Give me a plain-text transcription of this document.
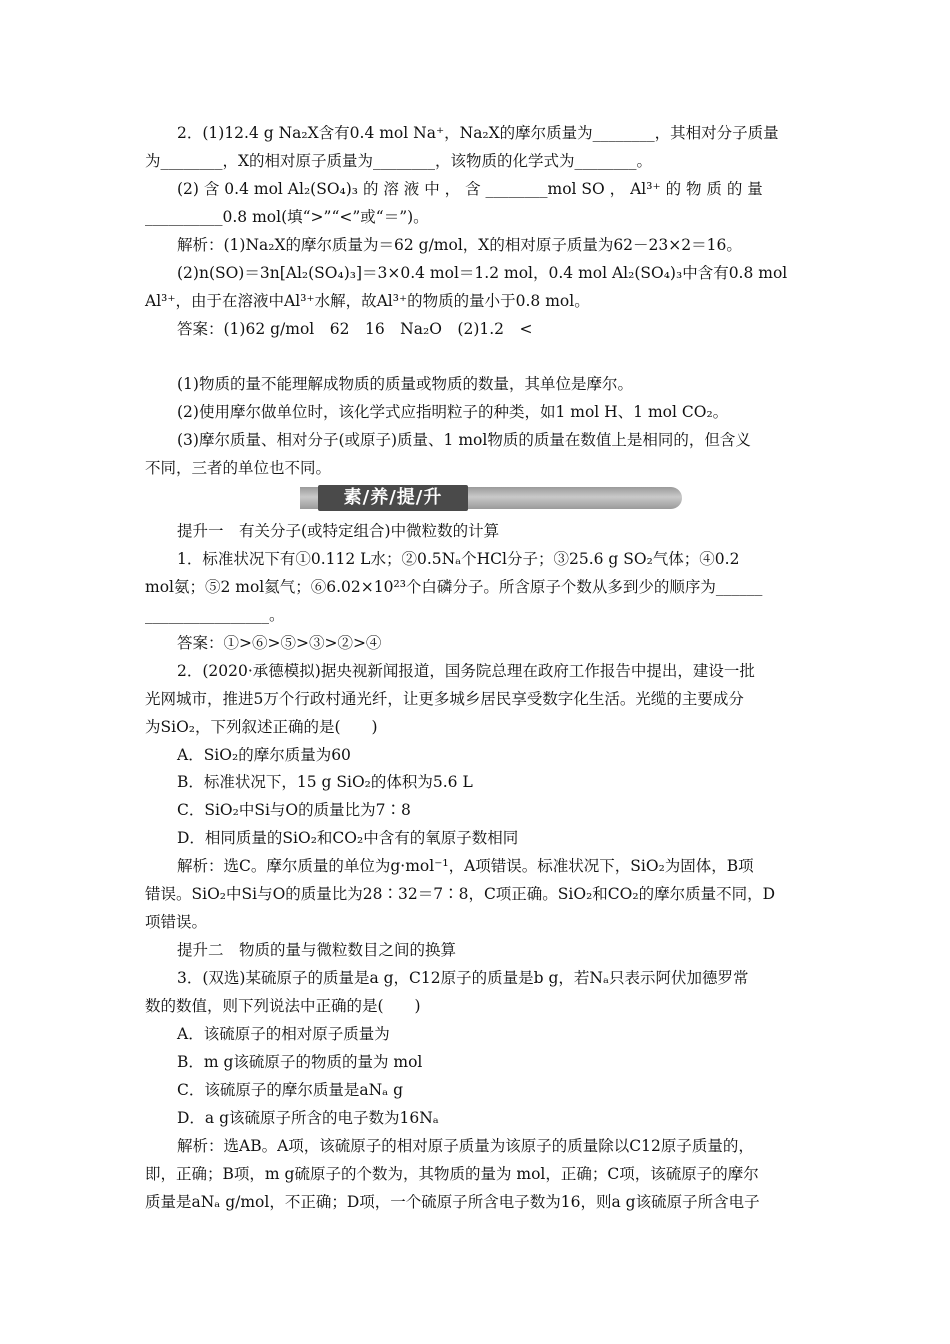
2．(1)12.4 g Na₂X含有0.4 mol Na⁺，Na₂X的摩尔质量为________，其相对分子质量
为________，X的相对原子质量为________，该物质的化学式为________。
(2) 含 0.4 mol Al₂(SO₄)₃ 的 溶 液 中 ， 含 ________mol SO ， Al³⁺ 的 物 质 的 量
__________0.8 mol(填“>”“<”或“＝”)。
解析：(1)Na₂X的摩尔质量为＝62 g/mol，X的相对原子质量为62－23×2＝16。
(2)n(SO)＝3n[Al₂(SO₄)₃]＝3×0.4 mol＝1.2 mol，0.4 mol Al₂(SO₄)₃中含有0.8 mol
Al³⁺，由于在溶液中Al³⁺水解，故Al³⁺的物质的量小于0.8 mol。
答案：(1)62 g/mol　62　16　Na₂O　(2)1.2　<
(1)物质的量不能理解成物质的质量或物质的数量，其单位是摩尔。
(2)使用摩尔做单位时，该化学式应指明粒子的种类，如1 mol H、1 mol CO₂。
(3)摩尔质量、相对分子(或原子)质量、1 mol物质的质量在数值上是相同的，但含义
不同，三者的单位也不同。
素/养/提/升
提升一　有关分子(或特定组合)中微粒数的计算
1．标准状况下有①0.112 L水；②0.5Nₐ个HCl分子；③25.6 g SO₂气体；④0.2
mol氨；⑤2 mol氦气；⑥6.02×10²³个白磷分子。所含原子个数从多到少的顺序为______
________________。
答案：①>⑥>⑤>③>②>④
2．(2020·承德模拟)据央视新闻报道，国务院总理在政府工作报告中提出，建设一批
光网城市，推进5万个行政村通光纤，让更多城乡居民享受数字化生活。光缆的主要成分
为SiO₂，下列叙述正确的是(　　)
A．SiO₂的摩尔质量为60
B．标准状况下，15 g SiO₂的体积为5.6 L
C．SiO₂中Si与O的质量比为7∶8
D．相同质量的SiO₂和CO₂中含有的氧原子数相同
解析：选C。摩尔质量的单位为g·mol⁻¹，A项错误。标准状况下，SiO₂为固体，B项
错误。SiO₂中Si与O的质量比为28∶32＝7∶8，C项正确。SiO₂和CO₂的摩尔质量不同，D
项错误。
提升二　物质的量与微粒数目之间的换算
3．(双选)某硫原子的质量是a g，C12原子的质量是b g，若Nₐ只表示阿伏加德罗常
数的数值，则下列说法中正确的是(　　)
A．该硫原子的相对原子质量为
B．m g该硫原子的物质的量为 mol
C．该硫原子的摩尔质量是aNₐ g
D．a g该硫原子所含的电子数为16Nₐ
解析：选AB。A项，该硫原子的相对原子质量为该原子的质量除以C12原子质量的，
即，正确；B项，m g硫原子的个数为，其物质的量为 mol，正确；C项，该硫原子的摩尔
质量是aNₐ g/mol，不正确；D项，一个硫原子所含电子数为16，则a g该硫原子所含电子
